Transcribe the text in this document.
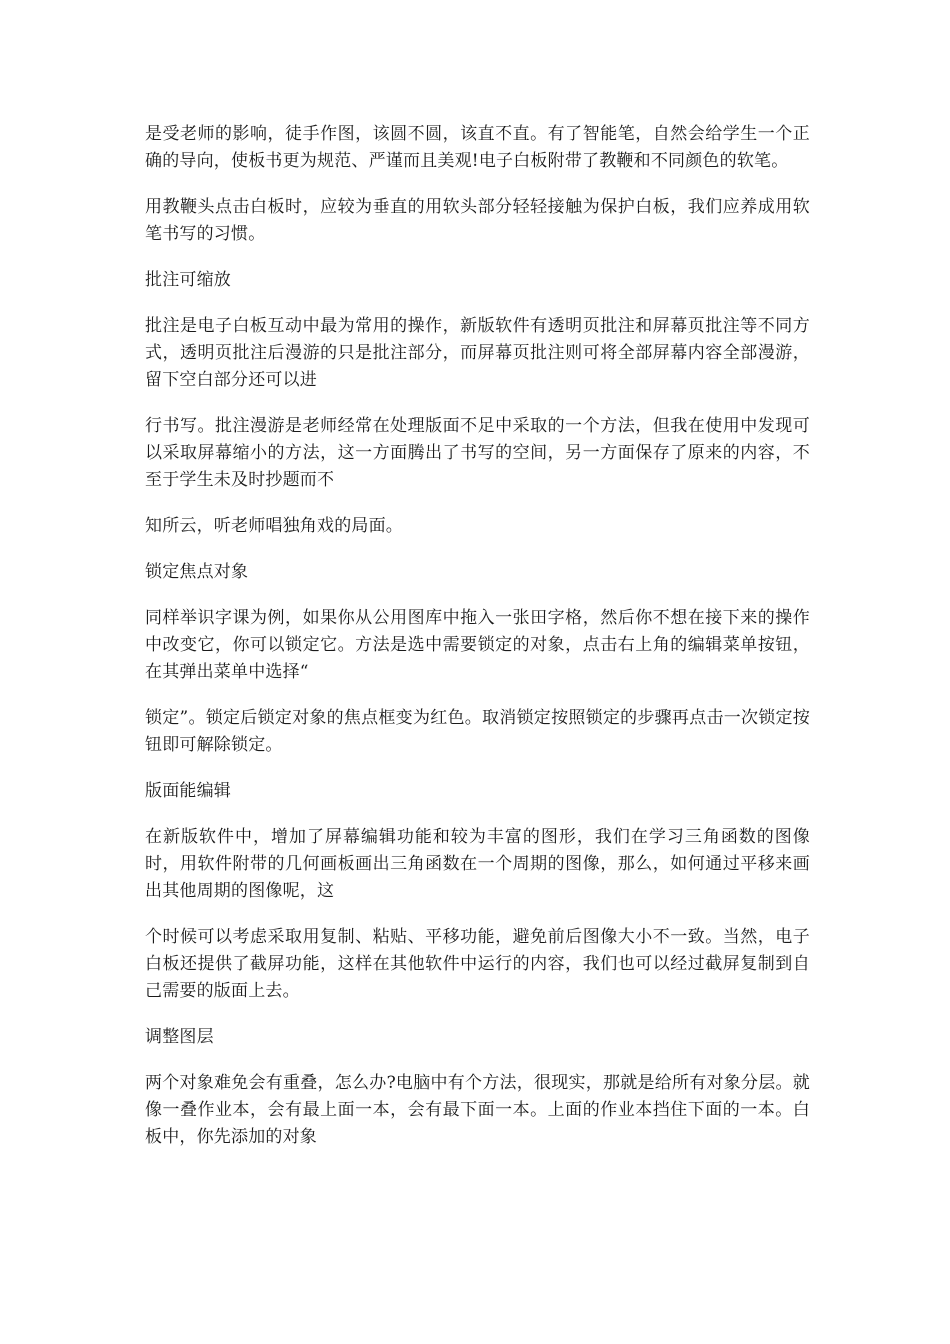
是受老师的影响，徒手作图，该圆不圆，该直不直。有了智能笔，自然会给学生一个正确的导向，使板书更为规范、严谨而且美观!电子白板附带了教鞭和不同颜色的软笔。

用教鞭头点击白板时，应较为垂直的用软头部分轻轻接触为保护白板，我们应养成用软笔书写的习惯。

批注可缩放

批注是电子白板互动中最为常用的操作，新版软件有透明页批注和屏幕页批注等不同方式，透明页批注后漫游的只是批注部分，而屏幕页批注则可将全部屏幕内容全部漫游，留下空白部分还可以进

行书写。批注漫游是老师经常在处理版面不足中采取的一个方法，但我在使用中发现可以采取屏幕缩小的方法，这一方面腾出了书写的空间，另一方面保存了原来的内容，不至于学生未及时抄题而不

知所云，听老师唱独角戏的局面。

锁定焦点对象

同样举识字课为例，如果你从公用图库中拖入一张田字格，然后你不想在接下来的操作中改变它，你可以锁定它。方法是选中需要锁定的对象，点击右上角的编辑菜单按钮，在其弹出菜单中选择“

锁定”。锁定后锁定对象的焦点框变为红色。取消锁定按照锁定的步骤再点击一次锁定按钮即可解除锁定。

版面能编辑

在新版软件中，增加了屏幕编辑功能和较为丰富的图形，我们在学习三角函数的图像时，用软件附带的几何画板画出三角函数在一个周期的图像，那么，如何通过平移来画出其他周期的图像呢，这

个时候可以考虑采取用复制、粘贴、平移功能，避免前后图像大小不一致。当然，电子白板还提供了截屏功能，这样在其他软件中运行的内容，我们也可以经过截屏复制到自己需要的版面上去。

调整图层

两个对象难免会有重叠，怎么办?电脑中有个方法，很现实，那就是给所有对象分层。就像一叠作业本，会有最上面一本，会有最下面一本。上面的作业本挡住下面的一本。白板中，你先添加的对象
